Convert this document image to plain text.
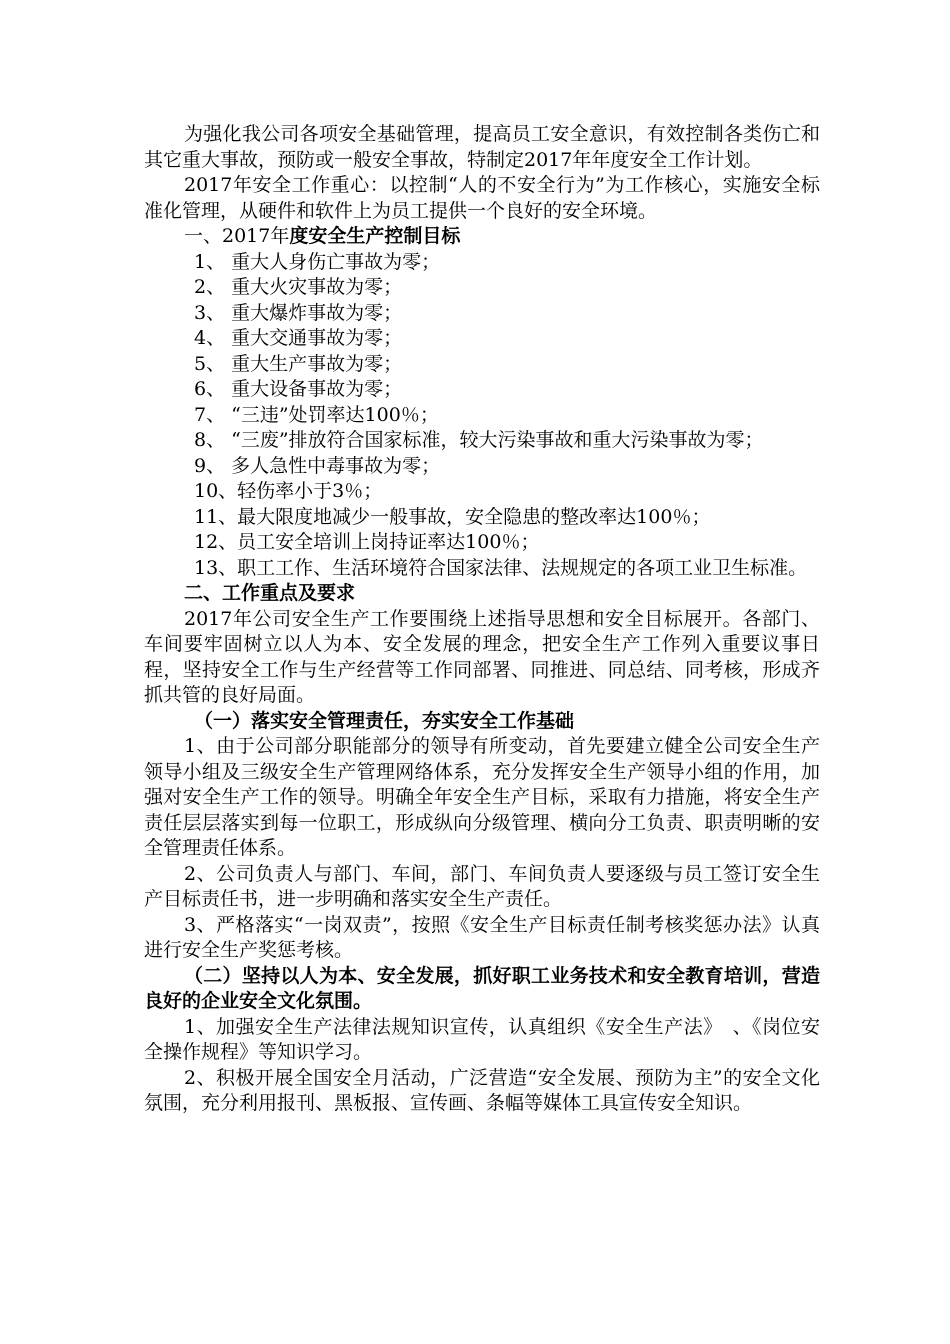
为强化我公司各项安全基础管理，提高员工安全意识，有效控制各类伤亡和其它重大事故，预防或一般安全事故，特制定2017年年度安全工作计划。

2017年安全工作重心：以控制“人的不安全行为”为工作核心，实施安全标准化管理，从硬件和软件上为员工提供一个良好的安全环境。

一、2017年度安全生产控制目标

1、 重大人身伤亡事故为零；

2、 重大火灾事故为零；

3、 重大爆炸事故为零；

4、 重大交通事故为零；

5、 重大生产事故为零；

6、 重大设备事故为零；

7、 “三违”处罚率达100％；

8、 “三废”排放符合国家标准，较大污染事故和重大污染事故为零；

9、 多人急性中毒事故为零；

10、轻伤率小于3％；

11、最大限度地减少一般事故，安全隐患的整改率达100％；

12、员工安全培训上岗持证率达100％；

13、职工工作、生活环境符合国家法律、法规规定的各项工业卫生标准。

二、工作重点及要求

2017年公司安全生产工作要围绕上述指导思想和安全目标展开。各部门、车间要牢固树立以人为本、安全发展的理念，把安全生产工作列入重要议事日程，坚持安全工作与生产经营等工作同部署、同推进、同总结、同考核，形成齐抓共管的良好局面。

（一）落实安全管理责任，夯实安全工作基础

1、由于公司部分职能部分的领导有所变动，首先要建立健全公司安全生产领导小组及三级安全生产管理网络体系，充分发挥安全生产领导小组的作用，加强对安全生产工作的领导。明确全年安全生产目标，采取有力措施，将安全生产责任层层落实到每一位职工，形成纵向分级管理、横向分工负责、职责明晰的安全管理责任体系。

2、公司负责人与部门、车间，部门、车间负责人要逐级与员工签订安全生产目标责任书，进一步明确和落实安全生产责任。

3、严格落实“一岗双责”，按照《安全生产目标责任制考核奖惩办法》认真进行安全生产奖惩考核。

（二）坚持以人为本、安全发展，抓好职工业务技术和安全教育培训，营造良好的企业安全文化氛围。

1、加强安全生产法律法规知识宣传，认真组织《安全生产法》　、《岗位安全操作规程》等知识学习。

2、积极开展全国安全月活动，广泛营造“安全发展、预防为主”的安全文化氛围，充分利用报刊、黑板报、宣传画、条幅等媒体工具宣传安全知识。
